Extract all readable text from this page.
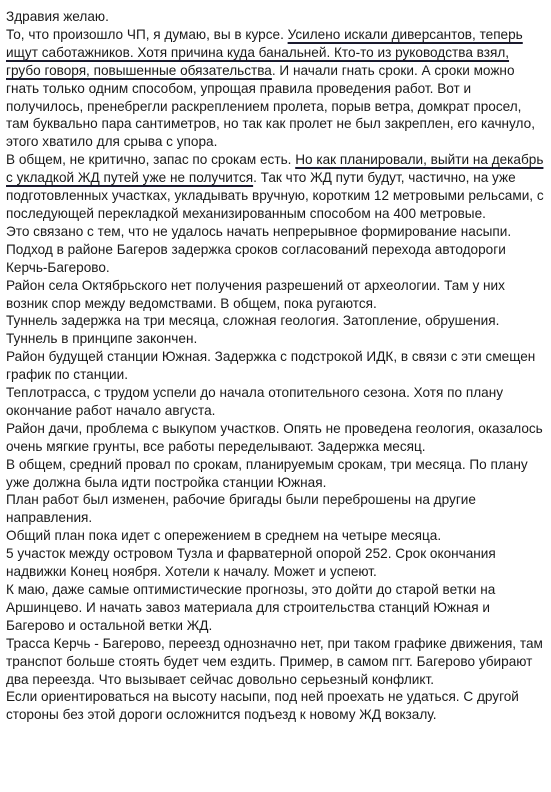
Здравия желаю.

То, что произошло ЧП, я думаю, вы в курсе. Усилено искали диверсантов, теперь ищут саботажников. Хотя причина куда банальней. Кто-то из руководства взял, грубо говоря, повышенные обязательства. И начали гнать сроки. А сроки можно гнать только одним способом, упрощая правила проведения работ. Вот и получилось, пренебрегли раскреплением пролета, порыв ветра, домкрат просел, там буквально пара сантиметров, но так как пролет не был закреплен, его качнуло, этого хватило для срыва с упора.

В общем, не критично, запас по срокам есть. Но как планировали, выйти на декабрь с укладкой ЖД путей уже не получится. Так что ЖД пути будут, частично, на уже подготовленных участках, укладывать вручную, коротким 12 метровыми рельсами, с последующей перекладкой механизированным способом на 400 метровые.

Это связано с тем, что не удалось начать непрерывное формирование насыпи.

Подход в районе Багеров задержка сроков согласований перехода автодороги Керчь-Багерово.

Район села Октябрьского нет получения разрешений от археологии. Там у них возник спор между ведомствами. В общем, пока ругаются.

Туннель задержка на три месяца, сложная геология. Затопление, обрушения. Туннель в принципе закончен.

Район будущей станции Южная. Задержка с подстрокой ИДК, в связи с эти смещен график по станции.

Теплотрасса, с трудом успели до начала отопительного сезона. Хотя по плану окончание работ начало августа.

Район дачи, проблема с выкупом участков. Опять не проведена геология, оказалось очень мягкие грунты, все работы переделывают. Задержка месяц.

В общем, средний провал по срокам, планируемым срокам, три месяца. По плану уже должна была идти постройка станции Южная.

План работ был изменен, рабочие бригады были переброшены на другие направления.

Общий план пока идет с опережением в среднем на четыре месяца.

5 участок между островом Тузла и фарватерной опорой 252. Срок окончания надвижки Конец ноября. Хотели к началу. Может и успеют.

К маю, даже самые оптимистические прогнозы, это дойти до старой ветки на Аршинцево. И начать завоз материала для строительства станций Южная и Багерово и остальной ветки ЖД.

Трасса Керчь - Багерово, переезд однозначно нет, при таком графике движения, там транспот больше стоять будет чем ездить. Пример, в самом пгт. Багерово убирают два переезда. Что вызывает сейчас довольно серьезный конфликт.

Если ориентироваться на высоту насыпи, под ней проехать не удаться. С другой стороны без этой дороги осложнится подъезд к новому ЖД вокзалу.
